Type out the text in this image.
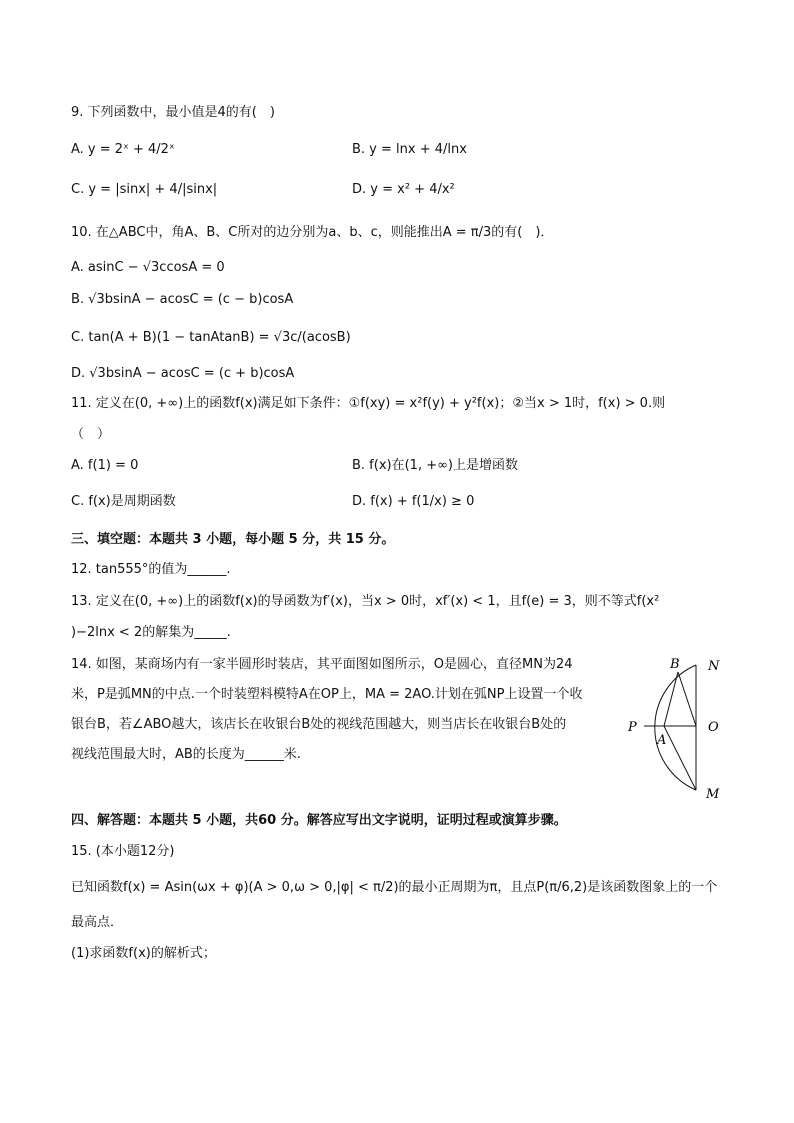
9. 下列函数中，最小值是4的有(　)
A. y = 2ˣ + 4/2ˣ	B. y = lnx + 4/lnx
C. y = |sinx| + 4/|sinx|	D. y = x² + 4/x²
10. 在△ABC中，角A、B、C所对的边分别为a、b、c，则能推出A = π/3的有(　)．
A. asinC − √3ccosA = 0
B. √3bsinA − acosC = (c − b)cosA
C. tan(A + B)(1 − tanAtanB) = √3c/(acosB)
D. √3bsinA − acosC = (c + b)cosA
11. 定义在(0, +∞)上的函数f(x)满足如下条件：①f(xy) = x²f(y) + y²f(x)；②当x > 1时，f(x) > 0.则
（　）
A. f(1) = 0	B. f(x)在(1, +∞)上是增函数
C. f(x)是周期函数	D. f(x) + f(1/x) ≥ 0
三、填空题：本题共 3 小题，每小题 5 分，共 15 分。
12. tan555°的值为______.
13. 定义在(0, +∞)上的函数f(x)的导函数为f′(x)，当x > 0时，xf′(x) < 1，且f(e) = 3，则不等式f(x²
)−2lnx < 2的解集为_____.
14. 如图，某商场内有一家半圆形时装店，其平面图如图所示，O是圆心，直径MN为24
米，P是弧MN的中点.一个时装塑料模特A在OP上，MA = 2AO.计划在弧NP上设置一个收
银台B，若∠ABO越大，该店长在收银台B处的视线范围越大，则当店长在收银台B处的
视线范围最大时，AB的长度为______米.
B N
P
A
O
M
四、解答题：本题共 5 小题，共60 分。解答应写出文字说明，证明过程或演算步骤。
15. (本小题12分)
已知函数f(x) = Asin(ωx + φ)(A > 0,ω > 0,|φ| < π/2)的最小正周期为π，且点P(π/6,2)是该函数图象上的一个
最高点．
(1)求函数f(x)的解析式；
